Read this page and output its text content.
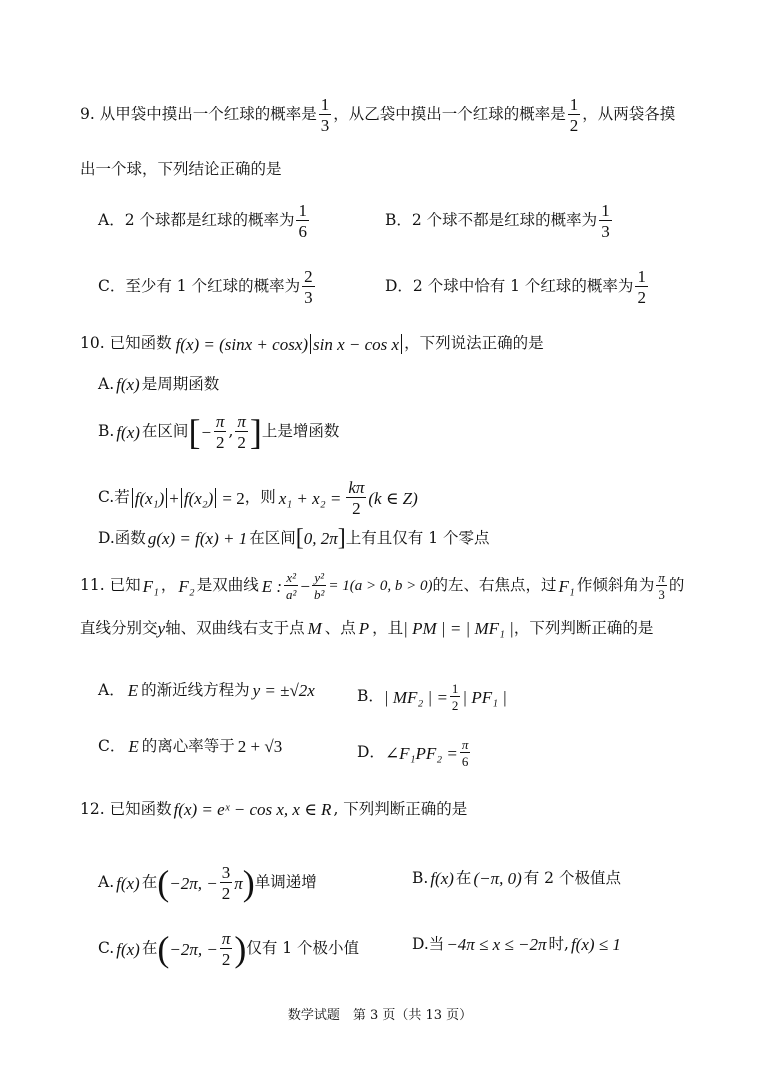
9. 从甲袋中摸出一个红球的概率是 $\frac{1}{3}$ ，从乙袋中摸出一个红球的概率是 $\frac{1}{2}$ ，从两袋各摸
出一个球，下列结论正确的是
A．2 个球都是红球的概率为 $\frac{1}{6}$	B．2 个球不都是红球的概率为 $\frac{1}{3}$
C．至少有 1 个红球的概率为 $\frac{2}{3}$	D．2 个球中恰有 1 个红球的概率为 $\frac{1}{2}$
10. 已知函数 f(x) = (sinx + cosx) sin x − cos x ，下列说法正确的是
A. f(x) 是周期函数
B. f(x) 在区间 [ − $\frac{\pi}{2}$ , $\frac{\pi}{2}$ ] 上是增函数
C.若 f(x₁) + f(x₂) = 2 ，则 $x_1 + x_2 = \frac{k\pi}{2} (k$ ∈ Z)
D.函数 g(x) = f(x) + 1 在区间 [ 0, 2π ] 上有且仅有 1 个零点
11. 已知 F₁ ， F₂ 是双曲线 E : $\frac{\text{x²}}{\text{a²}} - \frac{\text{y²}}{\text{b²}} = 1(a > 0$, b > 0) 的左、右焦点，过 F₁ 作倾斜角为 $\frac{\pi}{3}$ 的
直线分别交 y 轴、双曲线右支于点 M 、点 P ，且 | PM | = | MF₁ | ，下列判断正确的是
A． E 的渐近线方程为 y = ±√2x	B． | MF₂ | = $\frac{1}{2}$ | PF₁ |
C． E 的离心率等于 2 + √3	D． ∠F₁PF₂ = $\frac{\pi}{6}$
12. 已知函数 f(x) = eˣ − cos x, x ∈ R , 下列判断正确的是
A. f(x) 在 ( −2π, − $\frac{3}{2}$ π ) 单调递增	B. f(x) 在 (−π, 0) 有 2 个极值点
C. f(x) 在 ( −2π, − $\frac{\pi}{2}$ ) 仅有 1 个极小值	D.当 −4π ≤ x ≤ −2π 时, f(x) ≤ 1
数学试题　第 3 页（共 13 页）
